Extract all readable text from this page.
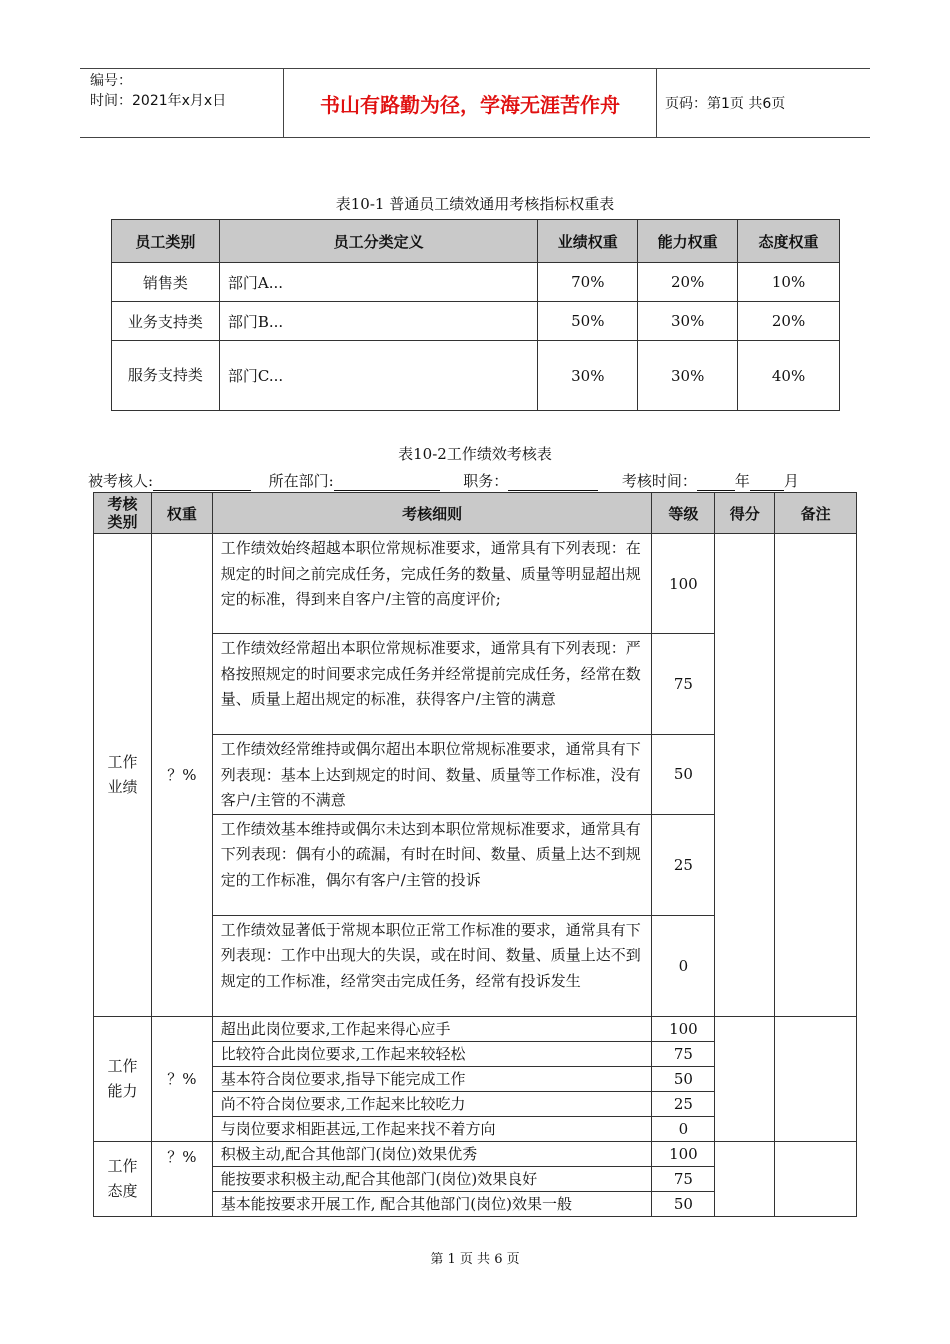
编号：
时间：2021年x月x日	书山有路勤为径，学海无涯苦作舟	页码：第1页 共6页
表10-1 普通员工绩效通用考核指标权重表
员工类别	员工分类定义	业绩权重	能力权重	态度权重
销售类	部门A...	70%	20%	10%
业务支持类	部门B...	50%	30%	20%
服务支持类	部门C...	30%	30%	40%
表10-2工作绩效考核表
被考核人:	所在部门:	职务：	考核时间：	年 月
考核类别	权重	考核细则	等级	得分	备注
工作业绩	？%	工作绩效始终超越本职位常规标准要求，通常具有下列表现：在规定的时间之前完成任务，完成任务的数量、质量等明显超出规定的标准，得到来自客户/主管的高度评价;	100		
		工作绩效经常超出本职位常规标准要求，通常具有下列表现：严格按照规定的时间要求完成任务并经常提前完成任务，经常在数量、质量上超出规定的标准，获得客户/主管的满意	75		
		工作绩效经常维持或偶尔超出本职位常规标准要求，通常具有下列表现：基本上达到规定的时间、数量、质量等工作标准，没有客户/主管的不满意	50		
		工作绩效基本维持或偶尔未达到本职位常规标准要求，通常具有下列表现：偶有小的疏漏，有时在时间、数量、质量上达不到规定的工作标准，偶尔有客户/主管的投诉	25		
		工作绩效显著低于常规本职位正常工作标准的要求，通常具有下列表现：工作中出现大的失误，或在时间、数量、质量上达不到规定的工作标准，经常突击完成任务，经常有投诉发生	0		
工作能力	？%	超出此岗位要求,工作起来得心应手	100		
		比较符合此岗位要求,工作起来较轻松	75		
		基本符合岗位要求,指导下能完成工作	50		
		尚不符合岗位要求,工作起来比较吃力	25		
		与岗位要求相距甚远,工作起来找不着方向	0		
工作态度	？%	积极主动,配合其他部门(岗位)效果优秀	100		
		能按要求积极主动,配合其他部门(岗位)效果良好	75		
		基本能按要求开展工作, 配合其他部门(岗位)效果一般	50		
第 1 页 共 6 页
